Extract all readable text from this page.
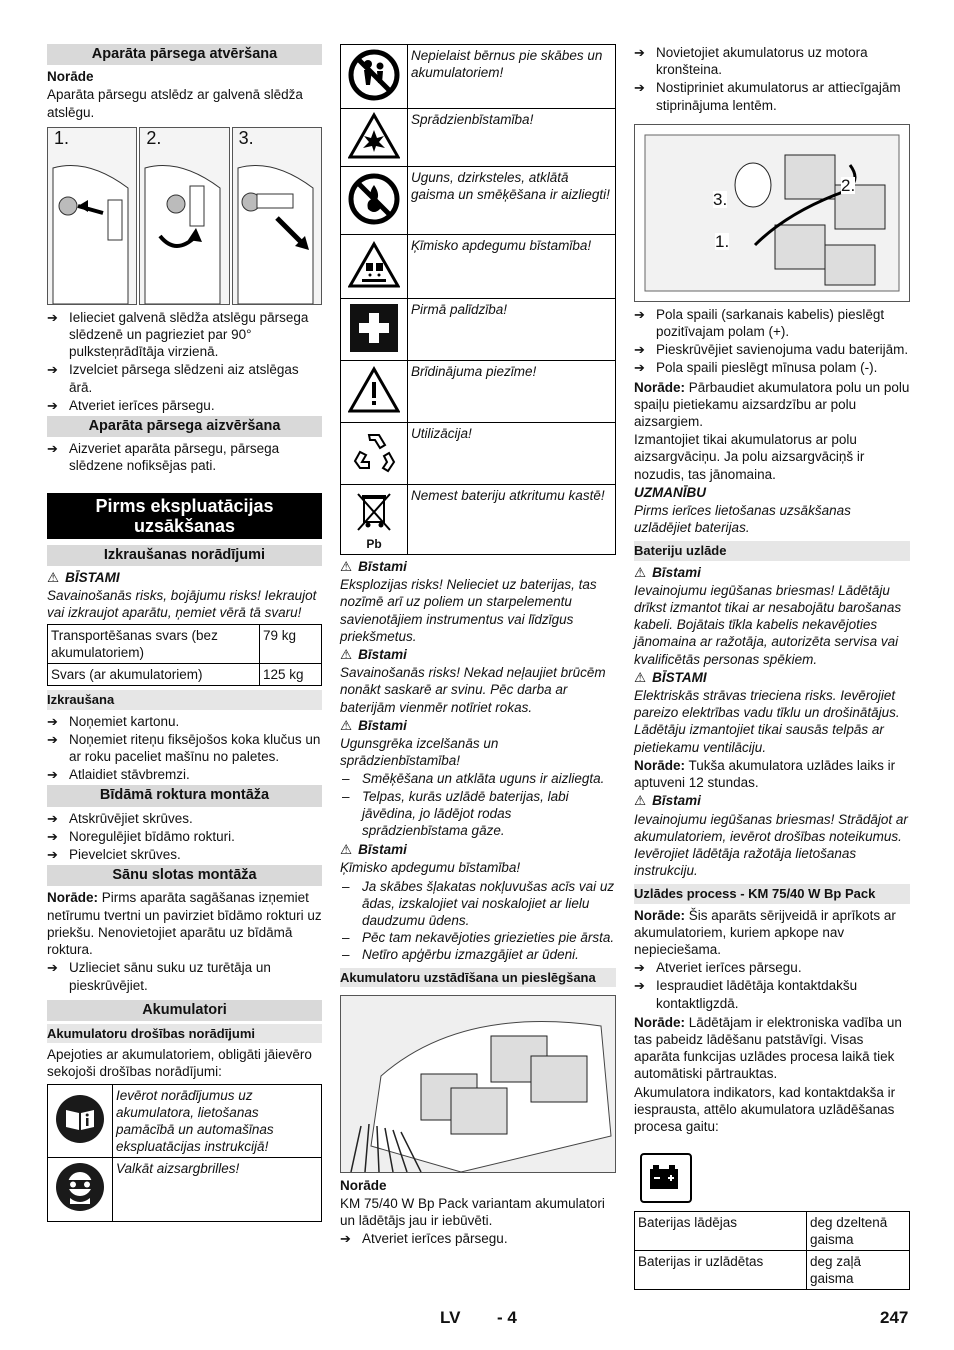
Aparāta pārsega atvēršana

Norāde

Aparāta pārsegu atslēdz ar galvenā slēdža atslēgu.

1.	2.	3.
➔ Ielieciet galvenā slēdža atslēgu pārsega slēdzenē un pagrieziet par 90° pulksteņrādītāja virzienā.
➔ Izvelciet pārsega slēdzeni aiz atslēgas ārā.
➔ Atveriet ierīces pārsegu.
Aparāta pārsega aizvēršana
➔ Aizveriet aparāta pārsegu, pārsega slēdzene nofiksējas pati.
Pirms ekspluatācijas uzsākšanas
Izkraušanas norādījumi

⚠ BĪSTAMI

Savainošanās risks, bojājumu risks! Iekraujot vai izkraujot aparātu, ņemiet vērā tā svaru!

Transportēšanas svars (bez akumulatoriem)	79 kg
Svars (ar akumulatoriem)	125 kg
Izkraušana
➔ Noņemiet kartonu.
➔ Noņemiet riteņu fiksējošos koka klučus un ar roku paceliet mašīnu no paletes.
➔ Atlaidiet stāvbremzi.
Bīdāmā roktura montāža
➔ Atskrūvējiet skrūves.
➔ Noregulējiet bīdāmo rokturi.
➔ Pievelciet skrūves.
Sānu slotas montāža

Norāde: Pirms aparāta sagāšanas izņemiet netīrumu tvertni un pavirziet bīdāmo rokturi uz priekšu. Nenovietojiet aparātu uz bīdāmā roktura.

➔ Uzlieciet sānu suku uz turētāja un pieskrūvējiet.
Akumulatori
Akumulatoru drošības norādījumi

Apejoties ar akumulatoriem, obligāti jāievēro sekojoši drošības norādījumi:

	Ievērot norādījumus uz akumulatora, lietošanas pamācībā un automašīnas ekspluatācijas instrukcijā!
	Valkāt aizsargbrilles!
	Nepielaist bērnus pie skābes un akumulatoriem!
	Sprādzienbīstamība!
	Uguns, dzirksteles, atklātā gaisma un smēķēšana ir aizliegti!
	Ķīmisko apdegumu bīstamība!
	Pirmā palīdzība!
	Brīdinājuma piezīme!
	Utilizācija!

Pb	Nemest bateriju atkritumu kastē!

⚠ Bīstami

Eksplozijas risks! Nelieciet uz baterijas, tas nozīmē arī uz poliem un starpelementu savienotājiem instrumentus vai līdzīgus priekšmetus.

⚠ Bīstami

Savainošanās risks! Nekad neļaujiet brūcēm nonākt saskarē ar svinu. Pēc darba ar baterijām vienmēr notīriet rokas.

⚠ Bīstami

Ugunsgrēka izcelšanās un sprādzienbīstamība!

– Smēķēšana un atklāta uguns ir aizliegta.
– Telpas, kurās uzlādē baterijas, labi jāvēdina, jo lādējot rodas sprādzienbīstama gāze.

⚠ Bīstami

Ķīmisko apdegumu bīstamība!

– Ja skābes šļakatas nokļuvušas acīs vai uz ādas, izskalojiet vai noskalojiet ar lielu daudzumu ūdens.
– Pēc tam nekavējoties griezieties pie ārsta.
– Netīro apģērbu izmazgājiet ar ūdeni.
Akumulatoru uzstādīšana un pieslēgšana

Norāde

KM 75/40 W Bp Pack variantam akumulatori un lādētājs jau ir iebūvēti.

➔ Atveriet ierīces pārsegu.
➔ Novietojiet akumulatorus uz motora kronšteina.
➔ Nostipriniet akumulatorus ar attiecīgajām stiprinājuma lentēm.
1.
2.
3.
➔ Pola spaili (sarkanais kabelis) pieslēgt pozitīvajam polam (+).
➔ Pieskrūvējiet savienojuma vadu baterijām.
➔ Pola spaili pieslēgt mīnusa polam (-).

Norāde: Pārbaudiet akumulatora polu un polu spaiļu pietiekamu aizsardzību ar polu aizsargiem.

Izmantojiet tikai akumulatorus ar polu aizsargvāciņu. Ja polu aizsargvāciņš ir nozudis, tas jānomaina.

UZMANĪBU

Pirms ierīces lietošanas uzsākšanas uzlādējiet baterijas.

Bateriju uzlāde

⚠ Bīstami

Ievainojumu iegūšanas briesmas! Lādētāju drīkst izmantot tikai ar nesabojātu barošanas kabeli. Bojātais tīkla kabelis nekavējoties jānomaina ar ražotāja, autorizēta servisa vai kvalificētās personas spēkiem.

⚠ BĪSTAMI

Elektriskās strāvas trieciena risks. Ievērojiet pareizo elektrības vadu tīklu un drošinātājus. Lādētāju izmantojiet tikai sausās telpās ar pietiekamu ventilāciju.

Norāde: Tukša akumulatora uzlādes laiks ir aptuveni 12 stundas.

⚠ Bīstami

Ievainojumu iegūšanas briesmas! Strādājot ar akumulatoriem, ievērot drošības noteikumus. Ievērojiet lādētāja ražotāja lietošanas instrukciju.

Uzlādes process - KM 75/40 W Bp Pack

Norāde: Šis aparāts sērijveidā ir aprīkots ar akumulatoriem, kuriem apkope nav nepieciešama.

➔ Atveriet ierīces pārsegu.
➔ Iespraudiet lādētāja kontaktdakšu kontaktligzdā.

Norāde: Lādētājam ir elektroniska vadība un tas pabeidz lādēšanu patstāvīgi. Visas aparāta funkcijas uzlādes procesa laikā tiek automātiski pārtrauktas.

Akumulatora indikators, kad kontaktdakša ir iesprausta, attēlo akumulatora uzlādēšanas procesa gaitu:

Baterijas lādējas	deg dzeltenā gaisma
Baterijas ir uzlādētas	deg zaļā gaisma
LV - 4	247
